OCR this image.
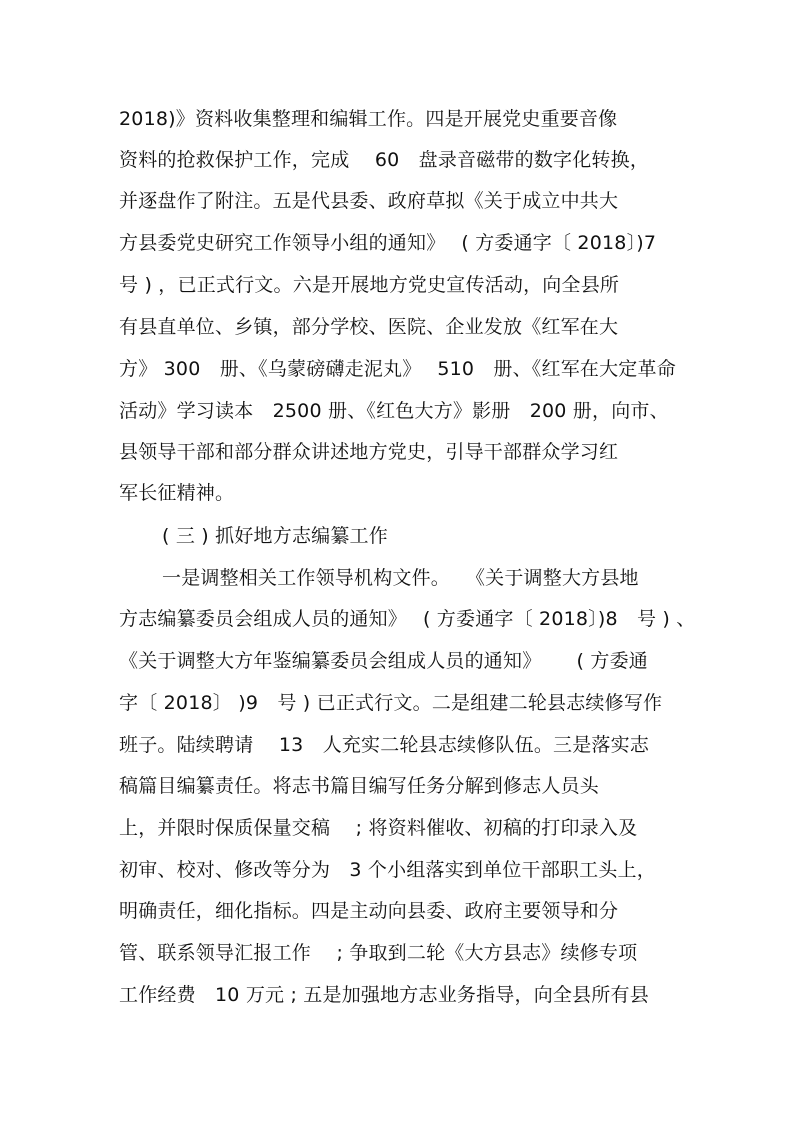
2018)》资料收集整理和编辑工作。四是开展党史重要音像
资料的抢救保护工作，完成　 60　盘录音磁带的数字化转换，
并逐盘作了附注。五是代县委、政府草拟《关于成立中共大
方县委党史研究工作领导小组的通知》　 ( 方委通字〔 2018〕)7
号 ) ，已正式行文。六是开展地方党史宣传活动，向全县所
有县直单位、乡镇，部分学校、医院、企业发放《红军在大
方》 300　册、《乌蒙磅礴走泥丸》　 510　册、《红军在大定革命
活动》学习读本　2500 册、《红色大方》影册　200 册，向市、
县领导干部和部分群众讲述地方党史，引导干部群众学习红
军长征精神。
( 三 ) 抓好地方志编纂工作
一是调整相关工作领导机构文件。　 《关于调整大方县地
方志编纂委员会组成人员的通知》　 ( 方委通字〔 2018〕)8　号 ) 、
《关于调整大方年鉴编纂委员会组成人员的通知》　　 ( 方委通
字〔 2018〕 )9　号 ) 已正式行文。二是组建二轮县志续修写作
班子。陆续聘请　 13　人充实二轮县志续修队伍。三是落实志
稿篇目编纂责任。将志书篇目编写任务分解到修志人员头
上，并限时保质保量交稿　 ; 将资料催收、初稿的打印录入及
初审、校对、修改等分为　3 个小组落实到单位干部职工头上，
明确责任，细化指标。四是主动向县委、政府主要领导和分
管、联系领导汇报工作　 ; 争取到二轮《大方县志》续修专项
工作经费　10 万元 ; 五是加强地方志业务指导，向全县所有县
